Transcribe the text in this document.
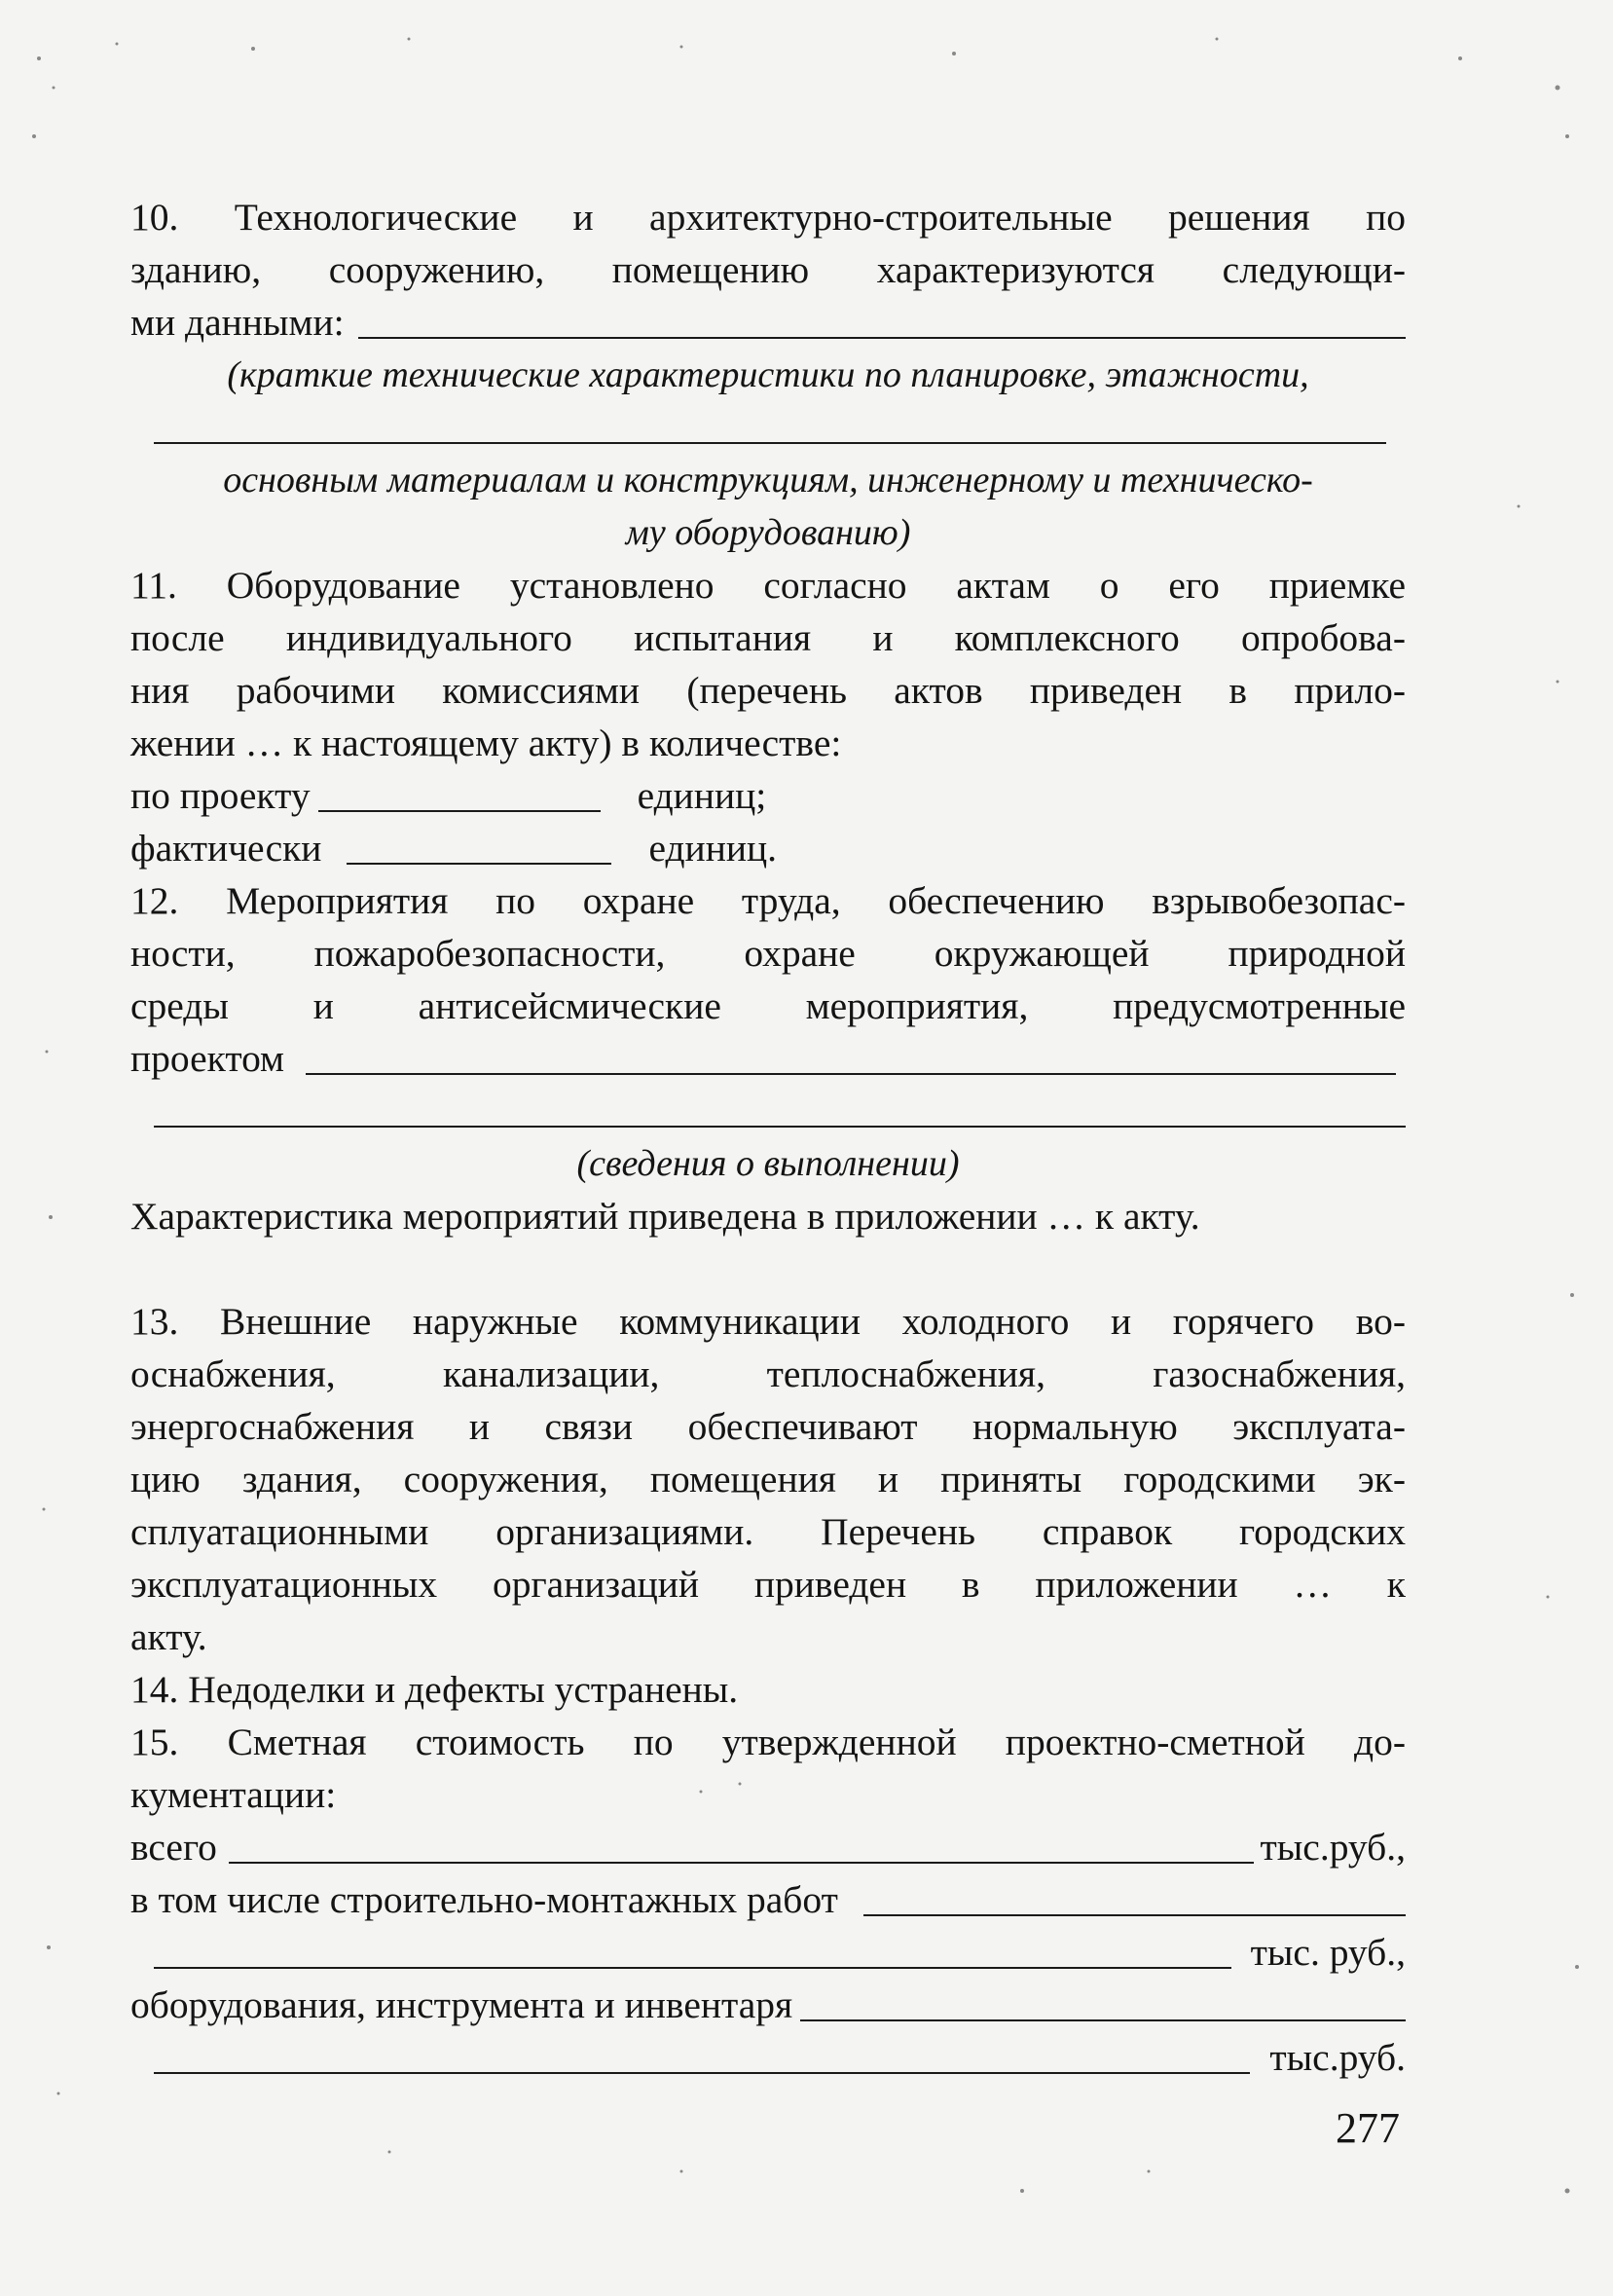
10. Технологические и архитектурно-строительные решения по
зданию, сооружению, помещению характеризуются следующи-
ми данными:
(краткие технические характеристики по планировке, этажности,
основным материалам и конструкциям, инженерному и техническо-
му оборудованию)
11. Оборудование установлено согласно актам о его приемке
после индивидуального испытания и комплексного опробова-
ния рабочими комиссиями (перечень актов приведен в прило-
жении … к настоящему акту) в количестве:
по проекту	единиц;
фактически	единиц.
12. Мероприятия по охране труда, обеспечению взрывобезопас-
ности, пожаробезопасности, охране окружающей природной
среды и антисейсмические мероприятия, предусмотренные
проектом
(сведения о выполнении)
Характеристика мероприятий приведена в приложении … к акту.
13. Внешние наружные коммуникации холодного и горячего во-
оснабжения, канализации, теплоснабжения, газоснабжения,
энергоснабжения и связи обеспечивают нормальную эксплуата-
цию здания, сооружения, помещения и приняты городскими эк-
сплуатационными организациями. Перечень справок городских
эксплуатационных организаций приведен в приложении … к
акту.
14. Недоделки и дефекты устранены.
15. Сметная стоимость по утвержденной проектно-сметной до-
кументации:
всего	тыс.руб.,
в том числе строительно-монтажных работ
тыс. руб.,
оборудования, инструмента и инвентаря
тыс.руб.
277
